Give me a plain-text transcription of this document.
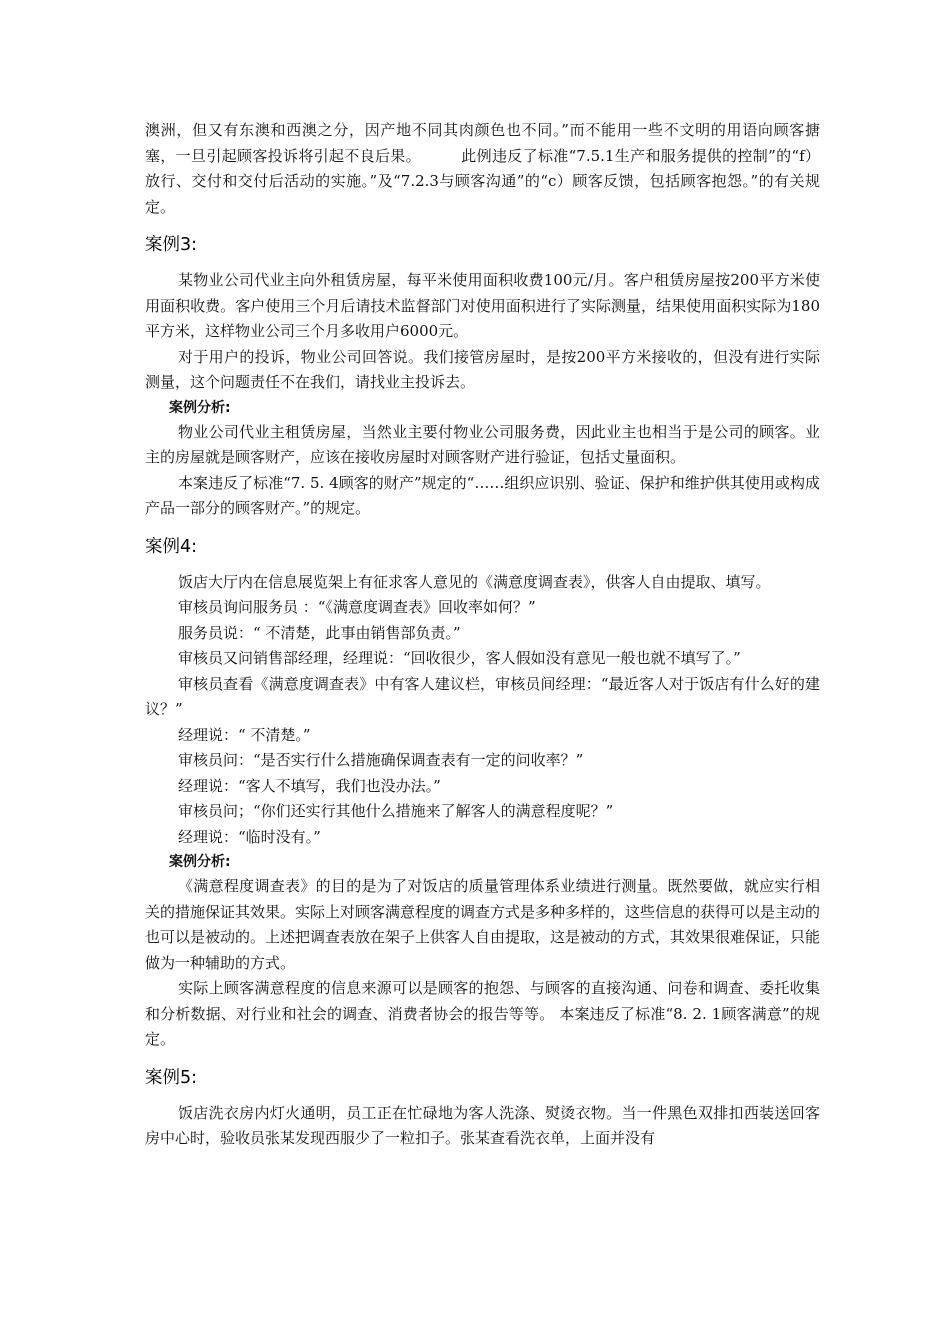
澳洲，但又有东澳和西澳之分，因产地不同其肉颜色也不同。”而不能用一些不文明的用语向顾客搪塞，一旦引起顾客投诉将引起不良后果。	此例违反了标准“7.5.1生产和服务提供的控制”的“f）放行、交付和交付后活动的实施。”及“7.2.3与顾客沟通”的“c）顾客反馈，包括顾客抱怨。”的有关规定。

案例3:

某物业公司代业主向外租赁房屋，每平米使用面积收费100元/月。客户租赁房屋按200平方米使用面积收费。客户使用三个月后请技术监督部门对使用面积进行了实际测量，结果使用面积实际为180平方米，这样物业公司三个月多收用户6000元。

对于用户的投诉，物业公司回答说。我们接管房屋时，是按200平方米接收的，但没有进行实际测量，这个问题责任不在我们，请找业主投诉去。

案例分析:

物业公司代业主租赁房屋，当然业主要付物业公司服务费，因此业主也相当于是公司的顾客。业主的房屋就是顾客财产，应该在接收房屋时对顾客财产进行验证，包括丈量面积。

本案违反了标准“7. 5. 4顾客的财产”规定的“……组织应识别、验证、保护和维护供其使用或构成产品一部分的顾客财产。”的规定。

案例4:

饭店大厅内在信息展览架上有征求客人意见的《满意度调查表》，供客人自由提取、填写。

审核员询问服务员 ：“《满意度调查表》回收率如何？”

服务员说：“ 不清楚，此事由销售部负责。”

审核员又问销售部经理，经理说：“回收很少，客人假如没有意见一般也就不填写了。”

审核员查看《满意度调查表》中有客人建议栏，审核员间经理：“最近客人对于饭店有什么好的建议？”

经理说：“ 不清楚。”

审核员问：“是否实行什么措施确保调查表有一定的问收率？”

经理说：“客人不填写，我们也没办法。”

审核员问；“你们还实行其他什么措施来了解客人的满意程度呢？”

经理说：“临时没有。”

案例分析:

《满意程度调查表》的目的是为了对饭店的质量管理体系业绩进行测量。既然要做，就应实行相关的措施保证其效果。实际上对顾客满意程度的调查方式是多种多样的，这些信息的获得可以是主动的也可以是被动的。上述把调查表放在架子上供客人自由提取，这是被动的方式，其效果很难保证，只能做为一种辅助的方式。

实际上顾客满意程度的信息来源可以是顾客的抱怨、与顾客的直接沟通、问卷和调查、委托收集和分析数据、对行业和社会的调查、消费者协会的报告等等。 本案违反了标准“8. 2. 1顾客满意”的规定。

案例5:

饭店洗衣房内灯火通明，员工正在忙碌地为客人洗涤、熨烫衣物。当一件黑色双排扣西装送回客房中心时，验收员张某发现西服少了一粒扣子。张某查看洗衣单，上面并没有
